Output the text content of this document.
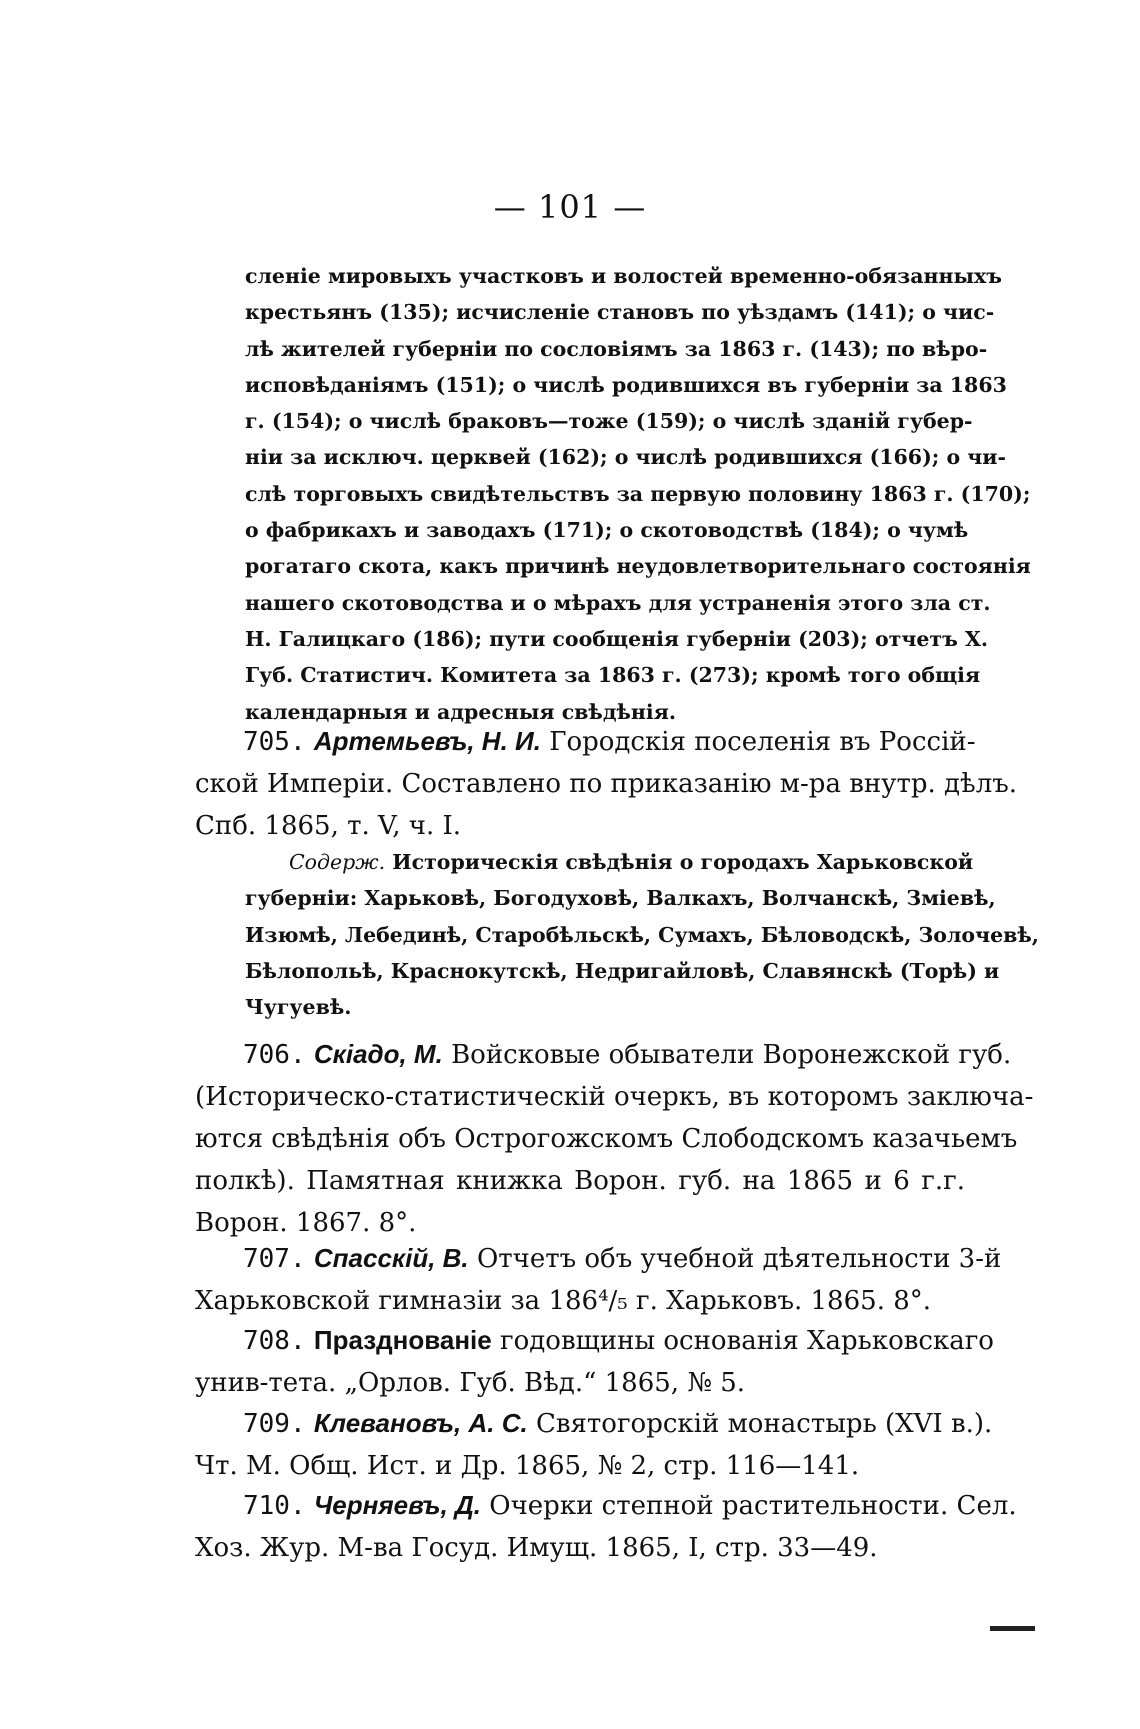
— 101 —
сленіе мировыхъ участковъ и волостей временно-обязанныхъ
крестьянъ (135); исчисленіе становъ по уѣздамъ (141); о чис-
лѣ жителей губерніи по сословіямъ за 1863 г. (143); по вѣро-
исповѣданіямъ (151); о числѣ родившихся въ губерніи за 1863
г. (154); о числѣ браковъ—тоже (159); о числѣ зданій губер-
ніи за исключ. церквей (162); о числѣ родившихся (166); о чи-
слѣ торговыхъ свидѣтельствъ за первую половину 1863 г. (170);
о фабрикахъ и заводахъ (171); о скотоводствѣ (184); о чумѣ
рогатаго скота, какъ причинѣ неудовлетворительнаго состоянія
нашего скотоводства и о мѣрахъ для устраненія этого зла ст.
Н. Галицкаго (186); пути сообщенія губерніи (203); отчетъ Х.
Губ. Статистич. Комитета за 1863 г. (273); кромѣ того общія
календарныя и адресныя свѣдѣнія.
705. Артемьевъ, Н. И. Городскія поселенія въ Россій-
ской Имперіи. Составлено по приказанію м-ра внутр. дѣлъ.
Спб. 1865, т. V, ч. I.
Содерж. Историческія свѣдѣнія о городахъ Харьковской
губерніи: Харьковѣ, Богодуховѣ, Валкахъ, Волчанскѣ, Зміевѣ,
Изюмѣ, Лебединѣ, Старобѣльскѣ, Сумахъ, Бѣловодскѣ, Золочевѣ,
Бѣлопольѣ, Краснокутскѣ, Недригайловѣ, Славянскѣ (Торѣ) и
Чугуевѣ.
706. Скіадо, М. Войсковые обыватели Воронежской губ.
(Историческо-статистическій очеркъ, въ которомъ заключа-
ются свѣдѣнія объ Острогожскомъ Слободскомъ казачьемъ
полкѣ). Памятная книжка Ворон. губ. на 1865 и 6 г.г.
Ворон. 1867. 8°.
707. Спасскій, В. Отчетъ объ учебной дѣятельности 3-й
Харьковской гимназіи за 186⁴/₅ г. Харьковъ. 1865. 8°.
708. Празднованіе годовщины основанія Харьковскаго
унив-тета. „Орлов. Губ. Вѣд.“ 1865, № 5.
709. Клевановъ, А. С. Святогорскій монастырь (XVI в.).
Чт. М. Общ. Ист. и Др. 1865, № 2, стр. 116—141.
710. Черняевъ, Д. Очерки степной растительности. Сел.
Хоз. Жур. М-ва Госуд. Имущ. 1865, I, стр. 33—49.
